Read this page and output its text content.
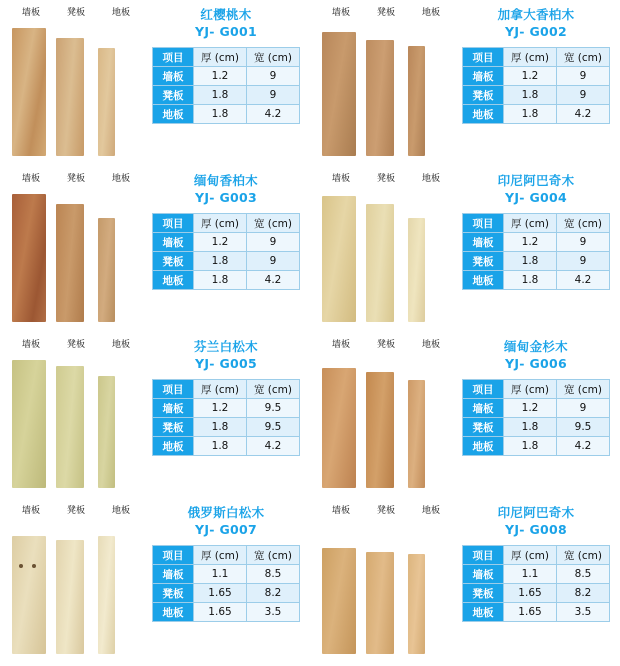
墙板	凳板	地板	红樱桃木
YJ- G001
项目	厚 (cm)	宽 (cm)
墙板	1.2	9
凳板	1.8	9
地板	1.8	4.2
墙板	凳板	地板	加拿大香柏木
YJ- G002
项目	厚 (cm)	宽 (cm)
墙板	1.2	9
凳板	1.8	9
地板	1.8	4.2
墙板	凳板	地板	缅甸香柏木
YJ- G003
项目	厚 (cm)	宽 (cm)
墙板	1.2	9
凳板	1.8	9
地板	1.8	4.2
墙板	凳板	地板	印尼阿巴奇木
YJ- G004
项目	厚 (cm)	宽 (cm)
墙板	1.2	9
凳板	1.8	9
地板	1.8	4.2
墙板	凳板	地板	芬兰白松木
YJ- G005
项目	厚 (cm)	宽 (cm)
墙板	1.2	9.5
凳板	1.8	9.5
地板	1.8	4.2
墙板	凳板	地板	缅甸金杉木
YJ- G006
项目	厚 (cm)	宽 (cm)
墙板	1.2	9
凳板	1.8	9.5
地板	1.8	4.2
墙板	凳板	地板	俄罗斯白松木
YJ- G007
项目	厚 (cm)	宽 (cm)
墙板	1.1	8.5
凳板	1.65	8.2
地板	1.65	3.5
墙板	凳板	地板	印尼阿巴奇木
YJ- G008
项目	厚 (cm)	宽 (cm)
墙板	1.1	8.5
凳板	1.65	8.2
地板	1.65	3.5
